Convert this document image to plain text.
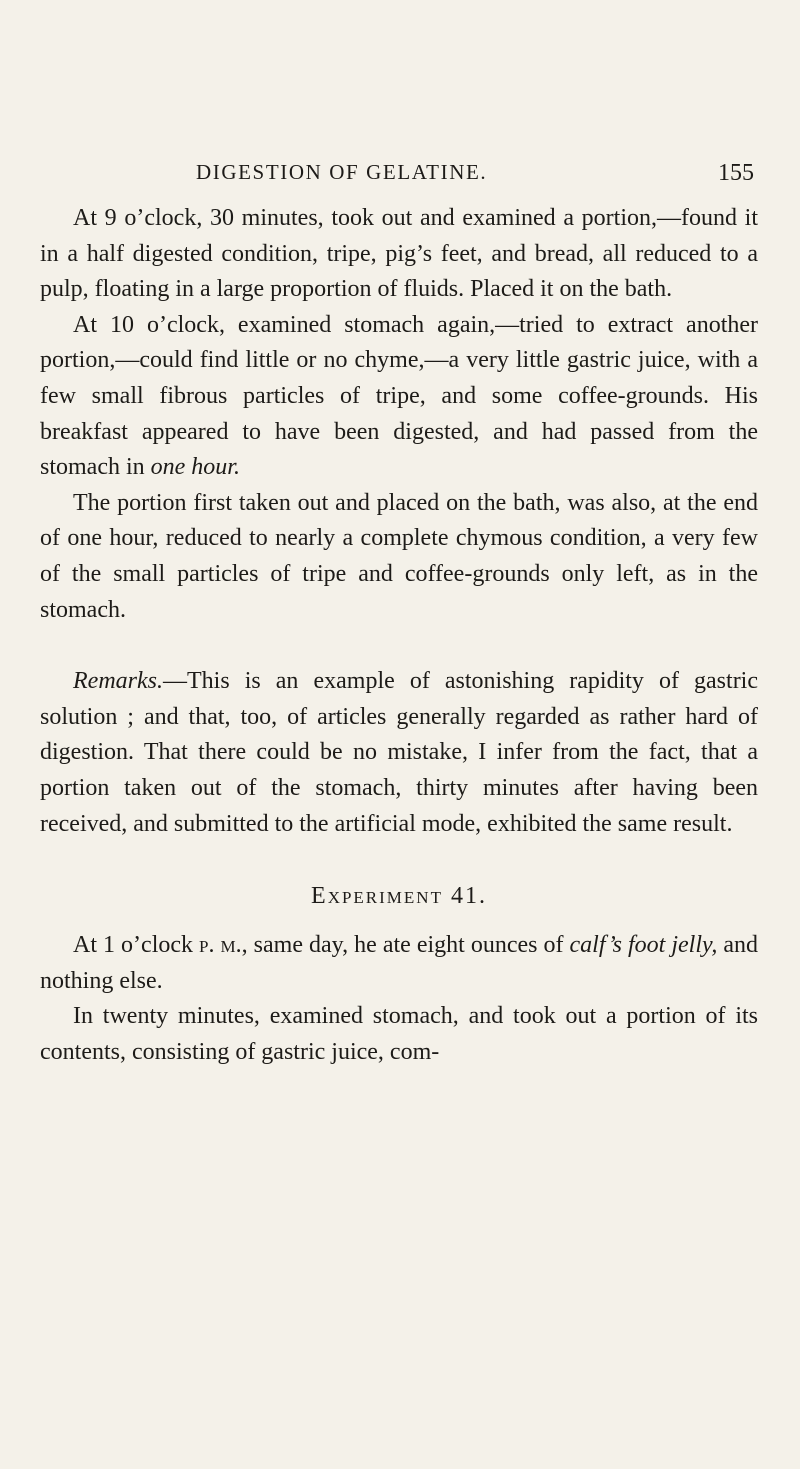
DIGESTION OF GELATINE.	155

At 9 o’clock, 30 minutes, took out and examined a portion,—found it in a half digested condition, tripe, pig’s feet, and bread, all reduced to a pulp, floating in a large proportion of fluids. Placed it on the bath.

At 10 o’clock, examined stomach again,—tried to extract another portion,—could find little or no chyme,—a very little gastric juice, with a few small fibrous particles of tripe, and some coffee-grounds. His breakfast appeared to have been digested, and had passed from the stomach in one hour.

The portion first taken out and placed on the bath, was also, at the end of one hour, reduced to nearly a complete chymous condition, a very few of the small particles of tripe and coffee-grounds only left, as in the stomach.

Remarks.—This is an example of astonishing rapidity of gastric solution ; and that, too, of articles generally regarded as rather hard of digestion. That there could be no mistake, I infer from the fact, that a portion taken out of the stomach, thirty minutes after having been received, and submitted to the artificial mode, exhibited the same result.

Experiment 41.

At 1 o’clock p. m., same day, he ate eight ounces of calf’s foot jelly, and nothing else.

In twenty minutes, examined stomach, and took out a portion of its contents, consisting of gastric juice, com-
